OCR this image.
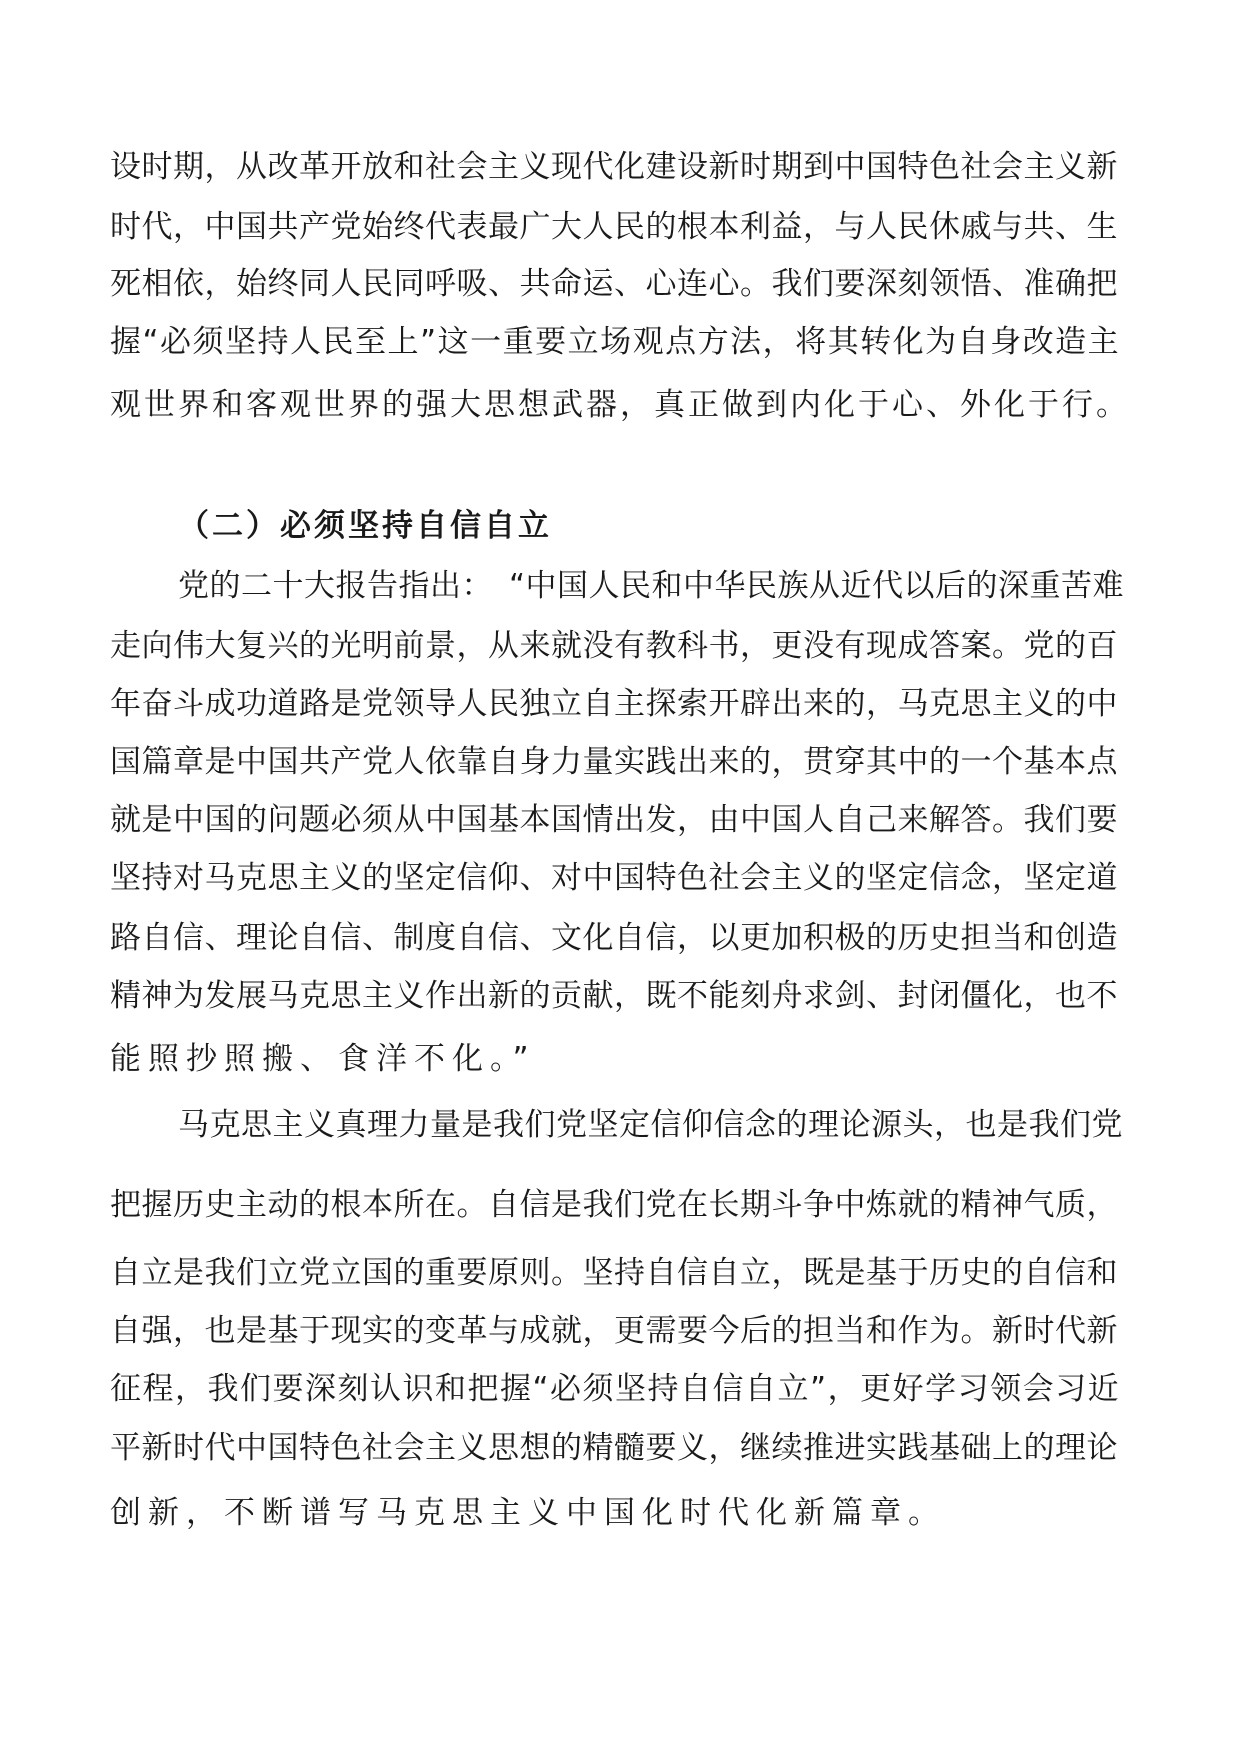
设时期，从改革开放和社会主义现代化建设新时期到中国特色社会主义新
时代，中国共产党始终代表最广大人民的根本利益，与人民休戚与共、生
死相依，始终同人民同呼吸、共命运、心连心。我们要深刻领悟、准确把
握“必须坚持人民至上”这一重要立场观点方法，将其转化为自身改造主
观世界和客观世界的强大思想武器，真正做到内化于心、外化于行。
（二）必须坚持自信自立
党的二十大报告指出：　“中国人民和中华民族从近代以后的深重苦难
走向伟大复兴的光明前景，从来就没有教科书，更没有现成答案。党的百
年奋斗成功道路是党领导人民独立自主探索开辟出来的，马克思主义的中
国篇章是中国共产党人依靠自身力量实践出来的，贯穿其中的一个基本点
就是中国的问题必须从中国基本国情出发，由中国人自己来解答。我们要
坚持对马克思主义的坚定信仰、对中国特色社会主义的坚定信念，坚定道
路自信、理论自信、制度自信、文化自信，以更加积极的历史担当和创造
精神为发展马克思主义作出新的贡献，既不能刻舟求剑、封闭僵化，也不
能照抄照搬、食洋不化。”
马克思主义真理力量是我们党坚定信仰信念的理论源头，也是我们党
把握历史主动的根本所在。自信是我们党在长期斗争中炼就的精神气质，
自立是我们立党立国的重要原则。坚持自信自立，既是基于历史的自信和
自强，也是基于现实的变革与成就，更需要今后的担当和作为。新时代新
征程，我们要深刻认识和把握“必须坚持自信自立”，更好学习领会习近
平新时代中国特色社会主义思想的精髓要义，继续推进实践基础上的理论
创新，不断谱写马克思主义中国化时代化新篇章。
